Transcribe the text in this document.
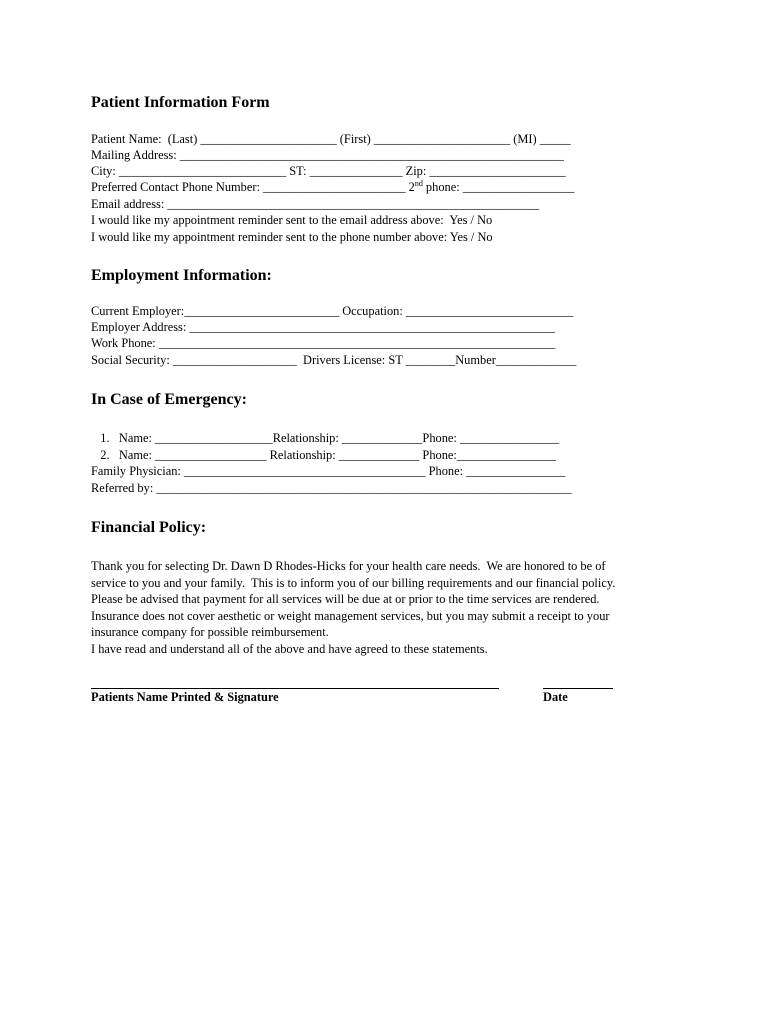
Patient Information Form
Patient Name:  (Last) ______________________ (First) ______________________ (MI) _____
Mailing Address: ______________________________________________________________
City: ___________________________ ST: _______________ Zip: ______________________
Preferred Contact Phone Number: _______________________ 2nd phone: __________________
Email address: ____________________________________________________________
I would like my appointment reminder sent to the email address above:  Yes / No
I would like my appointment reminder sent to the phone number above: Yes / No
Employment Information:
Current Employer:_________________________ Occupation: ___________________________
Employer Address: ___________________________________________________________
Work Phone: ________________________________________________________________
Social Security: ____________________  Drivers License: ST ________Number_____________
In Case of Emergency:
1.   Name: ___________________Relationship: _____________Phone: ________________
2.   Name: __________________ Relationship: _____________ Phone:________________
Family Physician: _______________________________________ Phone: ________________
Referred by: ___________________________________________________________________
Financial Policy:
Thank you for selecting Dr. Dawn D Rhodes-Hicks for your health care needs.  We are honored to be of
service to you and your family.  This is to inform you of our billing requirements and our financial policy.
Please be advised that payment for all services will be due at or prior to the time services are rendered.
Insurance does not cover aesthetic or weight management services, but you may submit a receipt to your
insurance company for possible reimbursement.
I have read and understand all of the above and have agreed to these statements.
Patients Name Printed & Signature	Date
